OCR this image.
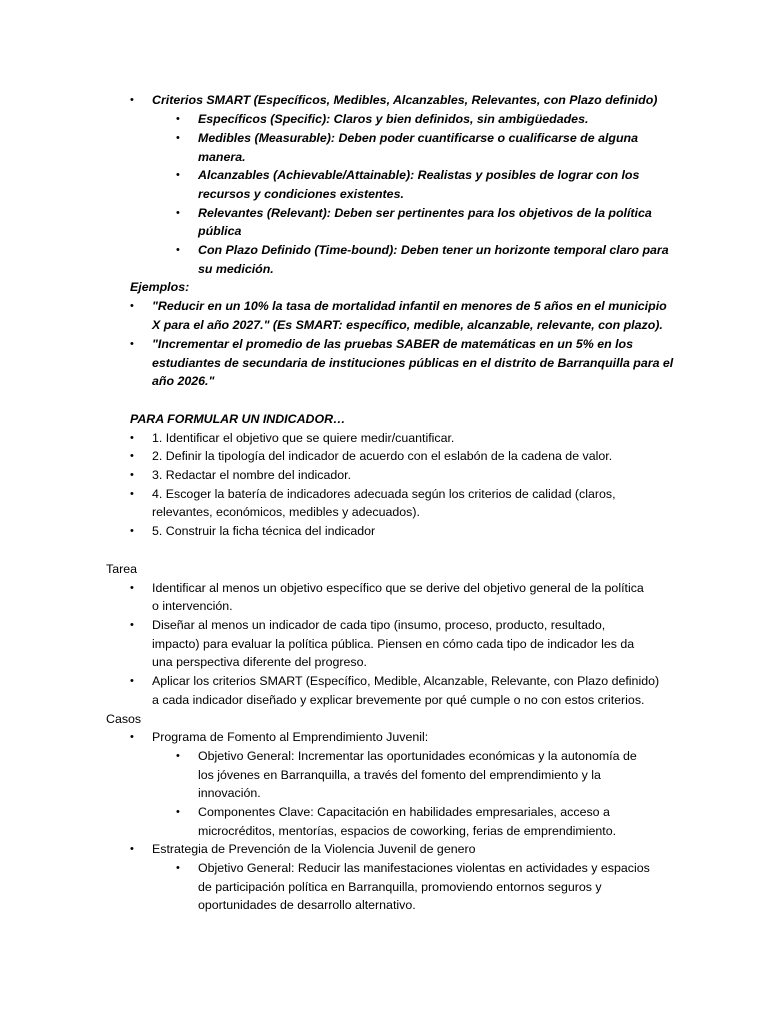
• Criterios SMART (Específicos, Medibles, Alcanzables, Relevantes, con Plazo definido)
• Específicos (Specific): Claros y bien definidos, sin ambigüedades.
• Medibles (Measurable): Deben poder cuantificarse o cualificarse de alguna
manera.
• Alcanzables (Achievable/Attainable): Realistas y posibles de lograr con los
recursos y condiciones existentes.
• Relevantes (Relevant): Deben ser pertinentes para los objetivos de la política
pública
• Con Plazo Definido (Time-bound): Deben tener un horizonte temporal claro para
su medición.
Ejemplos:
• "Reducir en un 10% la tasa de mortalidad infantil en menores de 5 años en el municipio
X para el año 2027." (Es SMART: específico, medible, alcanzable, relevante, con plazo).
• "Incrementar el promedio de las pruebas SABER de matemáticas en un 5% en los
estudiantes de secundaria de instituciones públicas en el distrito de Barranquilla para el
año 2026."
PARA FORMULAR UN INDICADOR…
• 1. Identificar el objetivo que se quiere medir/cuantificar.
• 2. Definir la tipología del indicador de acuerdo con el eslabón de la cadena de valor.
• 3. Redactar el nombre del indicador.
• 4. Escoger la batería de indicadores adecuada según los criterios de calidad (claros,
relevantes, económicos, medibles y adecuados).
• 5. Construir la ficha técnica del indicador
Tarea
• Identificar al menos un objetivo específico que se derive del objetivo general de la política
o intervención.
• Diseñar al menos un indicador de cada tipo (insumo, proceso, producto, resultado,
impacto) para evaluar la política pública. Piensen en cómo cada tipo de indicador les da
una perspectiva diferente del progreso.
• Aplicar los criterios SMART (Específico, Medible, Alcanzable, Relevante, con Plazo definido)
a cada indicador diseñado y explicar brevemente por qué cumple o no con estos criterios.
Casos
• Programa de Fomento al Emprendimiento Juvenil:
• Objetivo General: Incrementar las oportunidades económicas y la autonomía de
los jóvenes en Barranquilla, a través del fomento del emprendimiento y la
innovación.
• Componentes Clave: Capacitación en habilidades empresariales, acceso a
microcréditos, mentorías, espacios de coworking, ferias de emprendimiento.
• Estrategia de Prevención de la Violencia Juvenil de genero
• Objetivo General: Reducir las manifestaciones violentas en actividades y espacios
de participación política en Barranquilla, promoviendo entornos seguros y
oportunidades de desarrollo alternativo.
